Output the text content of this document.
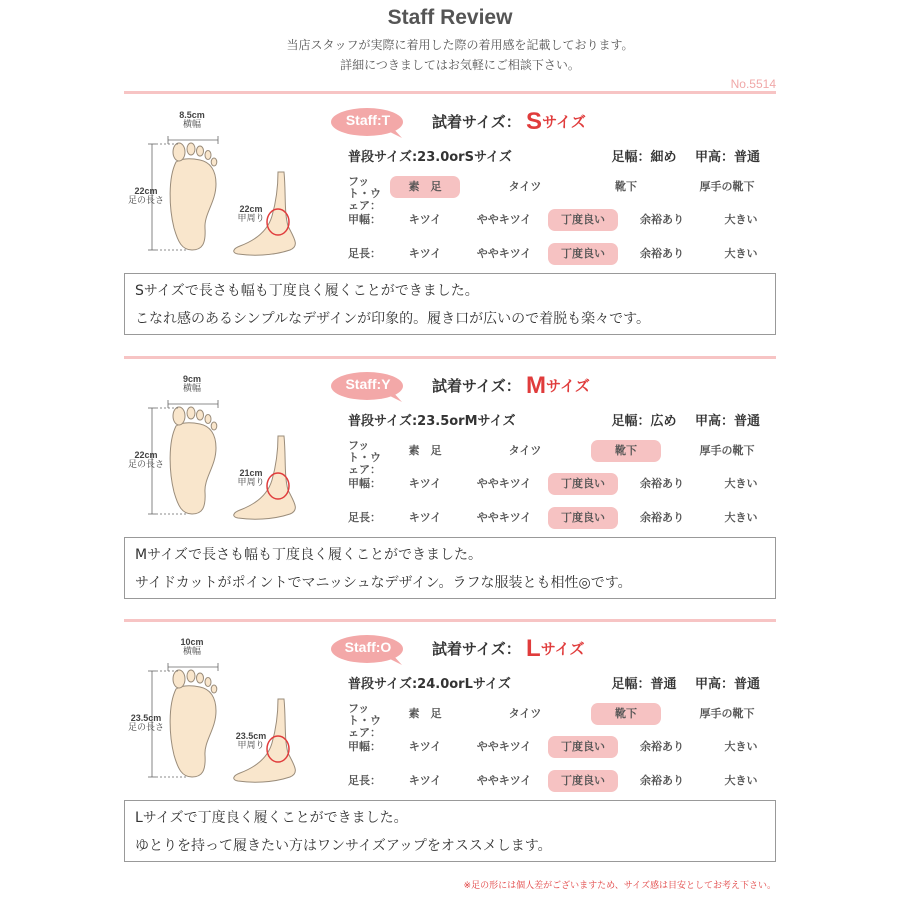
Staff Review
当店スタッフが実際に着用した際の着用感を記載しております。
詳細につきましてはお気軽にご相談下さい。
No.5514
8.5cm
横幅
22cm
足の長さ
22cm
甲周り
Staff:T	試着サイズ： Sサイズ
普段サイズ:23.0orSサイズ	足幅：細め 甲高：普通
フット・ウェア：
素　足	タイツ	靴下	厚手の靴下
甲幅：	キツイ	ややキツイ	丁度良い	余裕あり	大きい
足長：	キツイ	ややキツイ	丁度良い	余裕あり	大きい
Sサイズで長さも幅も丁度良く履くことができました。
こなれ感のあるシンプルなデザインが印象的。履き口が広いので着脱も楽々です。
9cm
横幅
22cm
足の長さ
21cm
甲周り
Staff:Y	試着サイズ： Mサイズ
普段サイズ:23.5orMサイズ	足幅：広め 甲高：普通
フット・ウェア：
素　足	タイツ	靴下	厚手の靴下
甲幅：	キツイ	ややキツイ	丁度良い	余裕あり	大きい
足長：	キツイ	ややキツイ	丁度良い	余裕あり	大きい
Mサイズで長さも幅も丁度良く履くことができました。
サイドカットがポイントでマニッシュなデザイン。ラフな服装とも相性◎です。
10cm
横幅
23.5cm
足の長さ
23.5cm
甲周り
Staff:O	試着サイズ： Lサイズ
普段サイズ:24.0orLサイズ	足幅：普通 甲高：普通
フット・ウェア：
素　足	タイツ	靴下	厚手の靴下
甲幅：	キツイ	ややキツイ	丁度良い	余裕あり	大きい
足長：	キツイ	ややキツイ	丁度良い	余裕あり	大きい
Lサイズで丁度良く履くことができました。
ゆとりを持って履きたい方はワンサイズアップをオススメします。
※足の形には個人差がございますため、サイズ感は目安としてお考え下さい。
